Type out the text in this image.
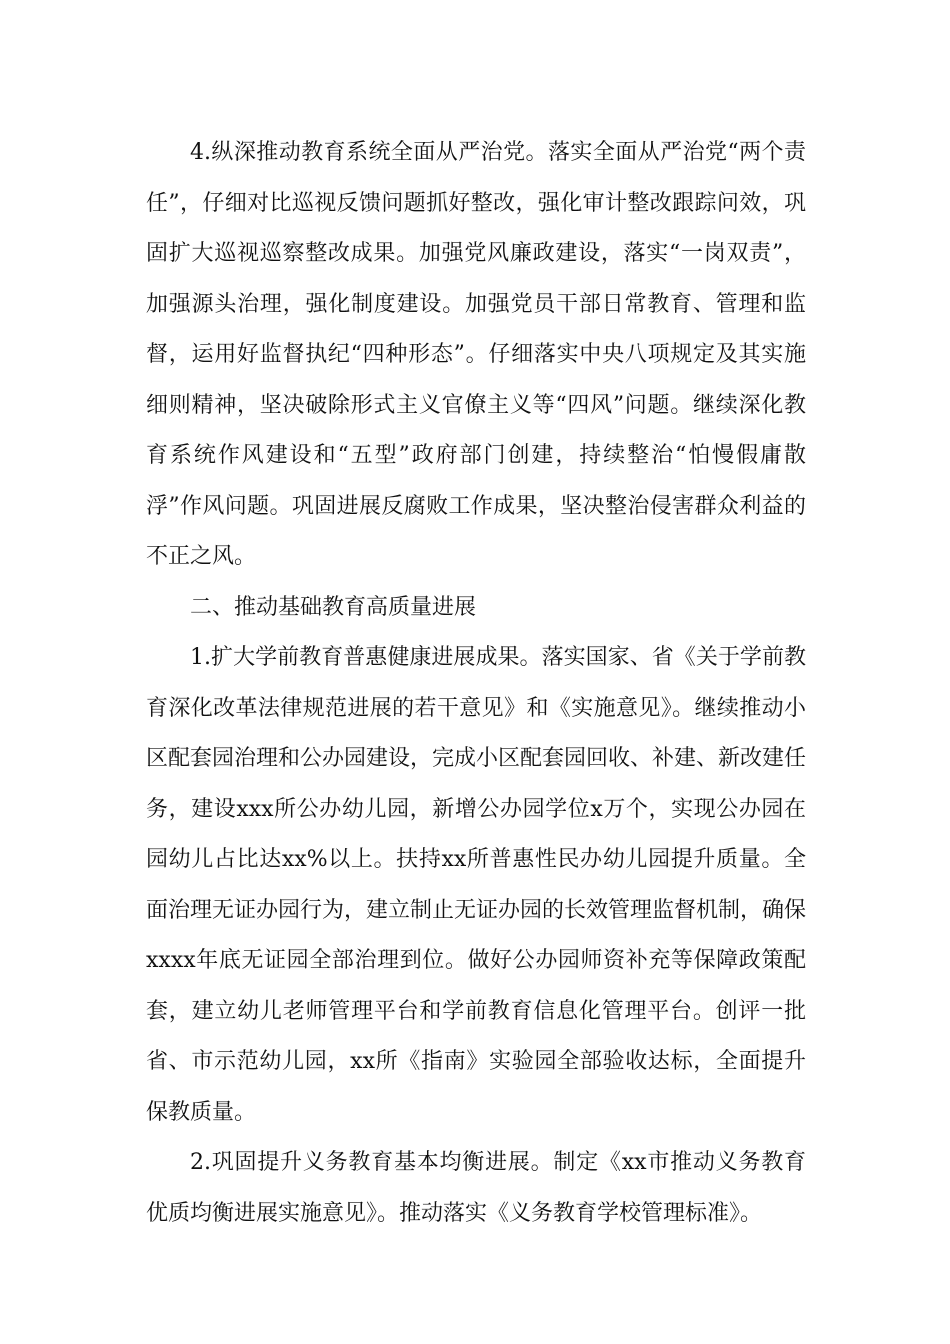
4.纵深推动教育系统全面从严治党。落实全面从严治党“两个责任”，仔细对比巡视反馈问题抓好整改，强化审计整改跟踪问效，巩固扩大巡视巡察整改成果。加强党风廉政建设，落实“一岗双责”，加强源头治理，强化制度建设。加强党员干部日常教育、管理和监督，运用好监督执纪“四种形态”。仔细落实中央八项规定及其实施细则精神，坚决破除形式主义官僚主义等“四风”问题。继续深化教育系统作风建设和“五型”政府部门创建，持续整治“怕慢假庸散浮”作风问题。巩固进展反腐败工作成果，坚决整治侵害群众利益的不正之风。

二、推动基础教育高质量进展

1.扩大学前教育普惠健康进展成果。落实国家、省《关于学前教育深化改革法律规范进展的若干意见》和《实施意见》。继续推动小区配套园治理和公办园建设，完成小区配套园回收、补建、新改建任务，建设xxx所公办幼儿园，新增公办园学位x万个，实现公办园在园幼儿占比达xx%以上。扶持xx所普惠性民办幼儿园提升质量。全面治理无证办园行为，建立制止无证办园的长效管理监督机制，确保xxxx年底无证园全部治理到位。做好公办园师资补充等保障政策配套，建立幼儿老师管理平台和学前教育信息化管理平台。创评一批省、市示范幼儿园，xx所《指南》实验园全部验收达标，全面提升保教质量。

2.巩固提升义务教育基本均衡进展。制定《xx市推动义务教育优质均衡进展实施意见》。推动落实《义务教育学校管理标准》。
